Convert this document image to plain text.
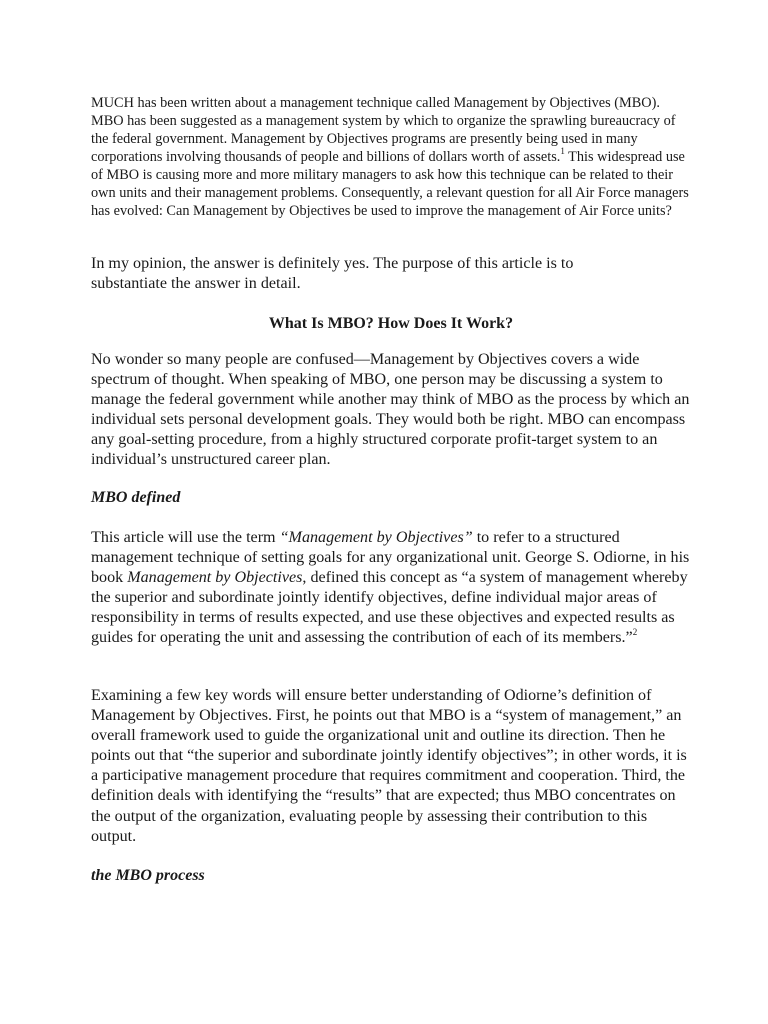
MUCH has been written about a management technique called Management by Objectives (MBO). MBO has been suggested as a management system by which to organize the sprawling bureaucracy of the federal government. Management by Objectives programs are presently being used in many corporations involving thousands of people and billions of dollars worth of assets.$^1$ This widespread use of MBO is causing more and more military managers to ask how this technique can be related to their own units and their management problems. Consequently, a relevant question for all Air Force managers has evolved: Can Management by Objectives be used to improve the management of Air Force units?

In my opinion, the answer is definitely yes. The purpose of this article is to substantiate the answer in detail.

What Is MBO? How Does It Work?

No wonder so many people are confused—Management by Objectives covers a wide spectrum of thought. When speaking of MBO, one person may be discussing a system to manage the federal government while another may think of MBO as the process by which an individual sets personal development goals. They would both be right. MBO can encompass any goal-setting procedure, from a highly structured corporate profit-target system to an individual’s unstructured career plan.

MBO defined

This article will use the term “Management by Objectives” to refer to a structured management technique of setting goals for any organizational unit. George S. Odiorne, in his book Management by Objectives, defined this concept as “a system of management whereby the superior and subordinate jointly identify objectives, define individual major areas of responsibility in terms of results expected, and use these objectives and expected results as guides for operating the unit and assessing the contribution of each of its members.”$^2$

Examining a few key words will ensure better understanding of Odiorne’s definition of Management by Objectives. First, he points out that MBO is a “system of management,” an overall framework used to guide the organizational unit and outline its direction. Then he points out that “the superior and subordinate jointly identify objectives”; in other words, it is a participative management procedure that requires commitment and cooperation. Third, the definition deals with identifying the “results” that are expected; thus MBO concentrates on the output of the organization, evaluating people by assessing their contribution to this output.

the MBO process
